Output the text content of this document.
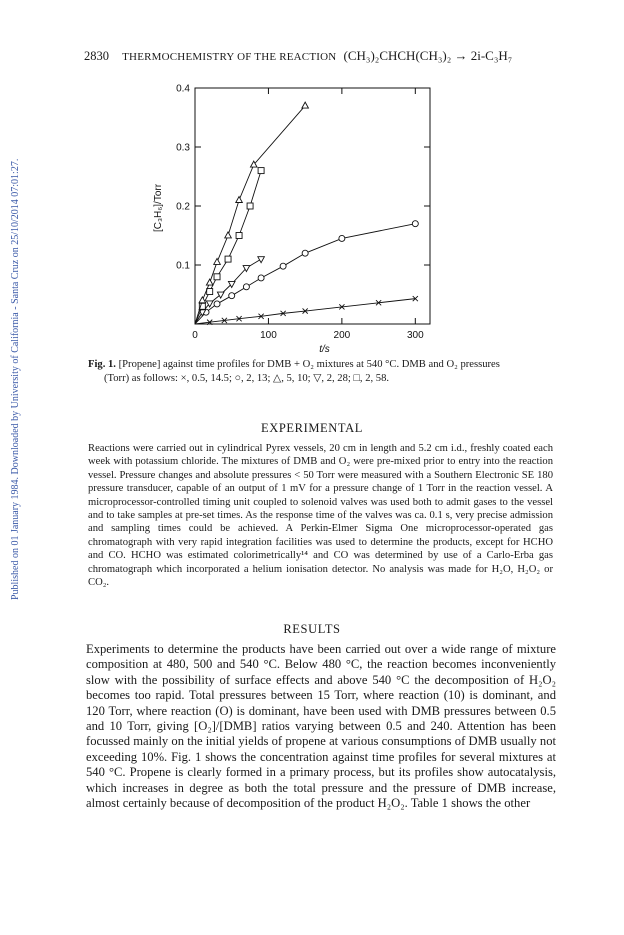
Published on 01 January 1984. Downloaded by University of California - Santa Cruz on 25/10/2014 07:01:27.
2830 THERMOCHEMISTRY OF THE REACTION (CH₃)₂CHCH(CH₃)₂ → 2i-C₃H₇
0	100	200	300
0.1
0.2
0.3
0.4
t/s
[C₃H₆]/Torr
Fig. 1. [Propene] against time profiles for DMB + O₂ mixtures at 540 °C. DMB and O₂ pressures
(Torr) as follows: ×, 0.5, 14.5; ○, 2, 13; △, 5, 10; ▽, 2, 28; □, 2, 58.
EXPERIMENTAL
Reactions were carried out in cylindrical Pyrex vessels, 20 cm in length and 5.2 cm i.d., freshly coated each week with potassium chloride. The mixtures of DMB and O₂ were pre-mixed prior to entry into the reaction vessel. Pressure changes and absolute pressures < 50 Torr were measured with a Southern Electronic SE 180 pressure transducer, capable of an output of 1 mV for a pressure change of 1 Torr in the reaction vessel. A microprocessor-controlled timing unit coupled to solenoid valves was used both to admit gases to the vessel and to take samples at pre-set times. As the response time of the valves was ca. 0.1 s, very precise admission and sampling times could be achieved. A Perkin-Elmer Sigma One microprocessor-operated gas chromatograph with very rapid integration facilities was used to determine the products, except for HCHO and CO. HCHO was estimated colorimetrically¹⁴ and CO was determined by use of a Carlo-Erba gas chromatograph which incorporated a helium ionisation detector. No analysis was made for H₂O, H₂O₂ or CO₂.
RESULTS
Experiments to determine the products have been carried out over a wide range of mixture composition at 480, 500 and 540 °C. Below 480 °C, the reaction becomes inconveniently slow with the possibility of surface effects and above 540 °C the decomposition of H₂O₂ becomes too rapid. Total pressures between 15 Torr, where reaction (10) is dominant, and 120 Torr, where reaction (O) is dominant, have been used with DMB pressures between 0.5 and 10 Torr, giving [O₂]/[DMB] ratios varying between 0.5 and 240. Attention has been focussed mainly on the initial yields of propene at various consumptions of DMB usually not exceeding 10%. Fig. 1 shows the concentration against time profiles for several mixtures at 540 °C. Propene is clearly formed in a primary process, but its profiles show autocatalysis, which increases in degree as both the total pressure and the pressure of DMB increase, almost certainly because of decomposition of the product H₂O₂. Table 1 shows the other
